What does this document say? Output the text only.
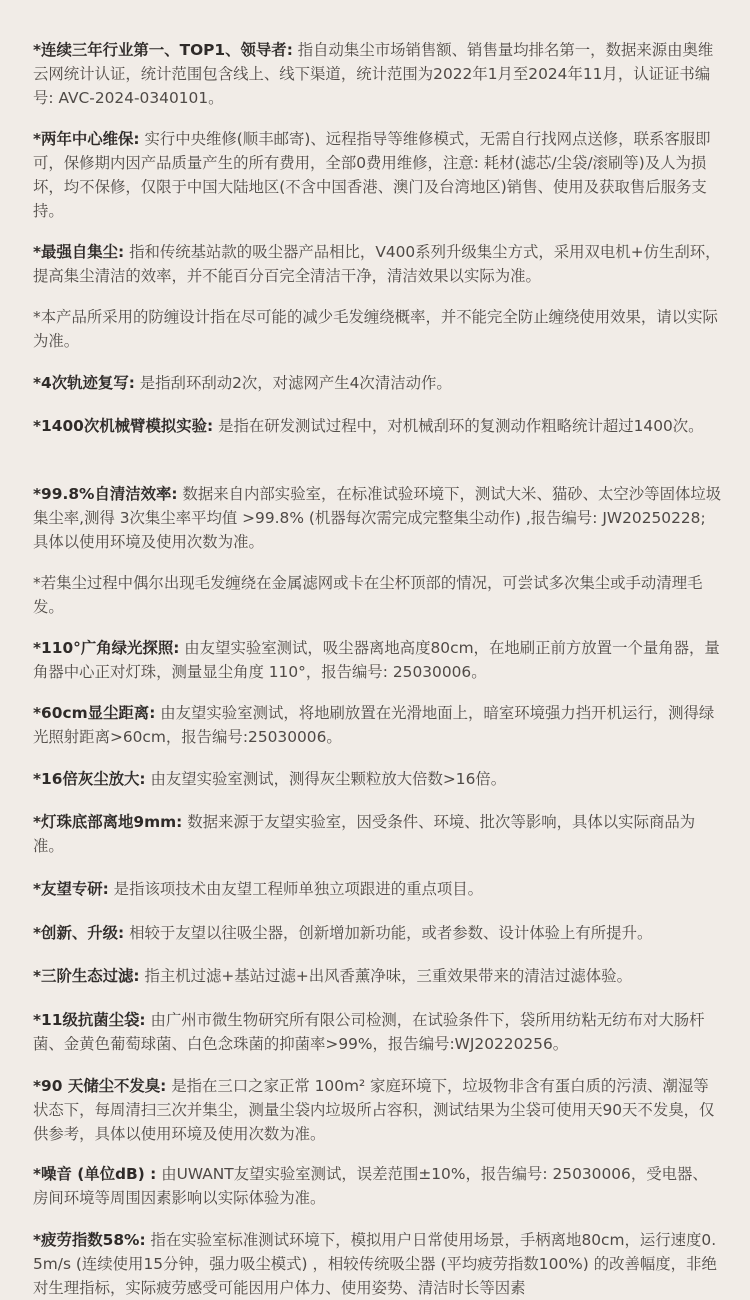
*连续三年行业第一、TOP1、领导者: 指自动集尘市场销售额、销售量均排名第一，数据来源由奥维云网统计认证，统计范围包含线上、线下渠道，统计范围为2022年1月至2024年11月，认证证书编号: AVC-2024-0340101。

*两年中心维保: 实行中央维修(顺丰邮寄)、远程指导等维修模式，无需自行找网点送修，联系客服即可，保修期内因产品质量产生的所有费用，全部0费用维修，注意: 耗材(滤芯/尘袋/滚刷等)及人为损坏，均不保修，仅限于中国大陆地区(不含中国香港、澳门及台湾地区)销售、使用及获取售后服务支持。

*最强自集尘: 指和传统基站款的吸尘器产品相比，V400系列升级集尘方式，采用双电机+仿生刮环，提高集尘清洁的效率，并不能百分百完全清洁干净，清洁效果以实际为准。

*本产品所采用的防缠设计指在尽可能的减少毛发缠绕概率，并不能完全防止缠绕使用效果，请以实际为准。

*4次轨迹复写: 是指刮环刮动2次，对滤网产生4次清洁动作。

*1400次机械臂模拟实验: 是指在研发测试过程中，对机械刮环的复测动作粗略统计超过1400次。

*99.8%自清洁效率: 数据来自内部实验室，在标准试验环境下，测试大米、猫砂、太空沙等固体垃圾集尘率,测得 3次集尘率平均值 >99.8% (机器每次需完成完整集尘动作) ,报告编号: JW20250228; 具体以使用环境及使用次数为准。

*若集尘过程中偶尔出现毛发缠绕在金属滤网或卡在尘杯顶部的情况，可尝试多次集尘或手动清理毛发。

*110°广角绿光探照: 由友望实验室测试，吸尘器离地高度80cm，在地刷正前方放置一个量角器，量角器中心正对灯珠，测量显尘角度 110°，报告编号: 25030006。

*60cm显尘距离: 由友望实验室测试，将地刷放置在光滑地面上，暗室环境强力挡开机运行，测得绿光照射距离>60cm，报告编号:25030006。

*16倍灰尘放大: 由友望实验室测试，测得灰尘颗粒放大倍数>16倍。

*灯珠底部离地9mm: 数据来源于友望实验室，因受条件、环境、批次等影响，具体以实际商品为准。

*友望专研: 是指该项技术由友望工程师单独立项跟进的重点项目。

*创新、升级: 相较于友望以往吸尘器，创新增加新功能，或者参数、设计体验上有所提升。

*三阶生态过滤: 指主机过滤+基站过滤+出风香薰净味，三重效果带来的清洁过滤体验。

*11级抗菌尘袋: 由广州市微生物研究所有限公司检测，在试验条件下，袋所用纺粘无纺布对大肠杆菌、金黄色葡萄球菌、白色念珠菌的抑菌率>99%，报告编号:WJ20220256。

*90 天储尘不发臭: 是指在三口之家正常 100m² 家庭环境下，垃圾物非含有蛋白质的污渍、潮湿等状态下，每周清扫三次并集尘，测量尘袋内垃圾所占容积，测试结果为尘袋可使用天90天不发臭，仅供参考，具体以使用环境及使用次数为准。

*噪音 (单位dB) : 由UWANT友望实验室测试，误差范围±10%，报告编号: 25030006，受电器、房间环境等周围因素影响以实际体验为准。

*疲劳指数58%: 指在实验室标准测试环境下，模拟用户日常使用场景，手柄离地80cm，运行速度0.5m/s (连续使用15分钟，强力吸尘模式) ，相较传统吸尘器 (平均疲劳指数100%) 的改善幅度，非绝对生理指标，实际疲劳感受可能因用户体力、使用姿势、清洁时长等因素
